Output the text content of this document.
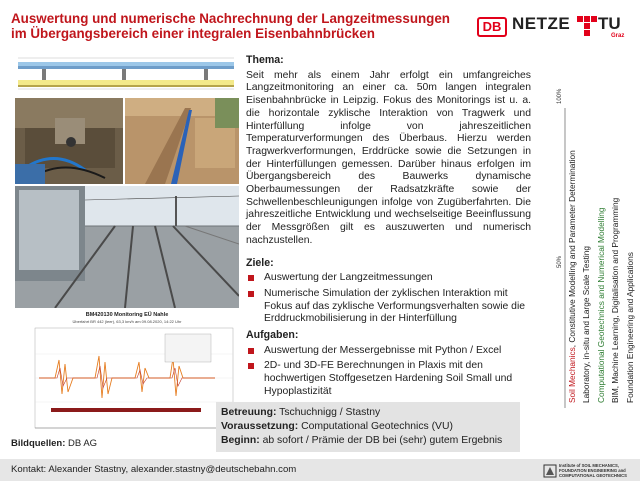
Auswertung und numerische Nachrechnung der Langzeitmessungen im Übergangsbereich einer integralen Eisenbahnbrücken	DB NETZE TU
Graz
BM420130 Monitoring EÜ Nahle
Überfahrt BR 442 (leer), 63,3 km/h am 09.08.2020, 14:22 Uhr
Bildquellen: DB AG
Thema:
Seit mehr als einem Jahr erfolgt ein umfangreiches Langzeitmonitoring an einer ca. 50m langen integralen Eisenbahnbrücke in Leipzig. Fokus des Monitorings ist u. a. die horizontale zyklische Interaktion von Tragwerk und Hinterfüllung infolge von jahreszeitlichen Temperaturverformungen des Überbaus. Hierzu werden Tragwerkverformungen, Erddrücke sowie die Setzungen in der Hinterfüllungen gemessen. Darüber hinaus erfolgen im Übergangsbereich des Bauwerks dynamische Oberbaumessungen der Radsatzkräfte sowie der Schwellenbeschleunigungen infolge von Zugüberfahrten. Die jahreszeitliche Entwicklung und wechselseitige Beeinflussung der Messgrößen gilt es auszuwerten und numerisch nachzustellen.
Ziele:
Auswertung der Langzeitmessungen
Numerische Simulation der zyklischen Interaktion mit Fokus auf das zyklische Verformungsverhalten sowie die Erddruckmobilisierung in der Hinterfüllung
Aufgaben:
Auswertung der Messergebnisse mit Python / Excel
2D- und 3D-FE Berechnungen in Plaxis mit den hochwertigen Stoffgesetzen Hardening Soil Small und Hypoplastizität
Betreuung: Tschuchnigg / Stastny
Voraussetzung: Computational Geotechnics (VU)
Beginn: ab sofort / Prämie der DB bei (sehr) gutem Ergebnis
100%
50%
Soil Mechanics, Constitutive Modelling and Parameter Determination Laboratory, in-situ and Large Scale Testing Computational Geotechnics and Numerical Modelling BIM, Machine Learning, Digitalisation and Programming Foundation Engineering and Applications
Kontakt: Alexander Stastny, alexander.stastny@deutschebahn.com	Institute of SOIL MECHANICS,
FOUNDATION ENGINEERING and
COMPUTATIONAL GEOTECHNICS
